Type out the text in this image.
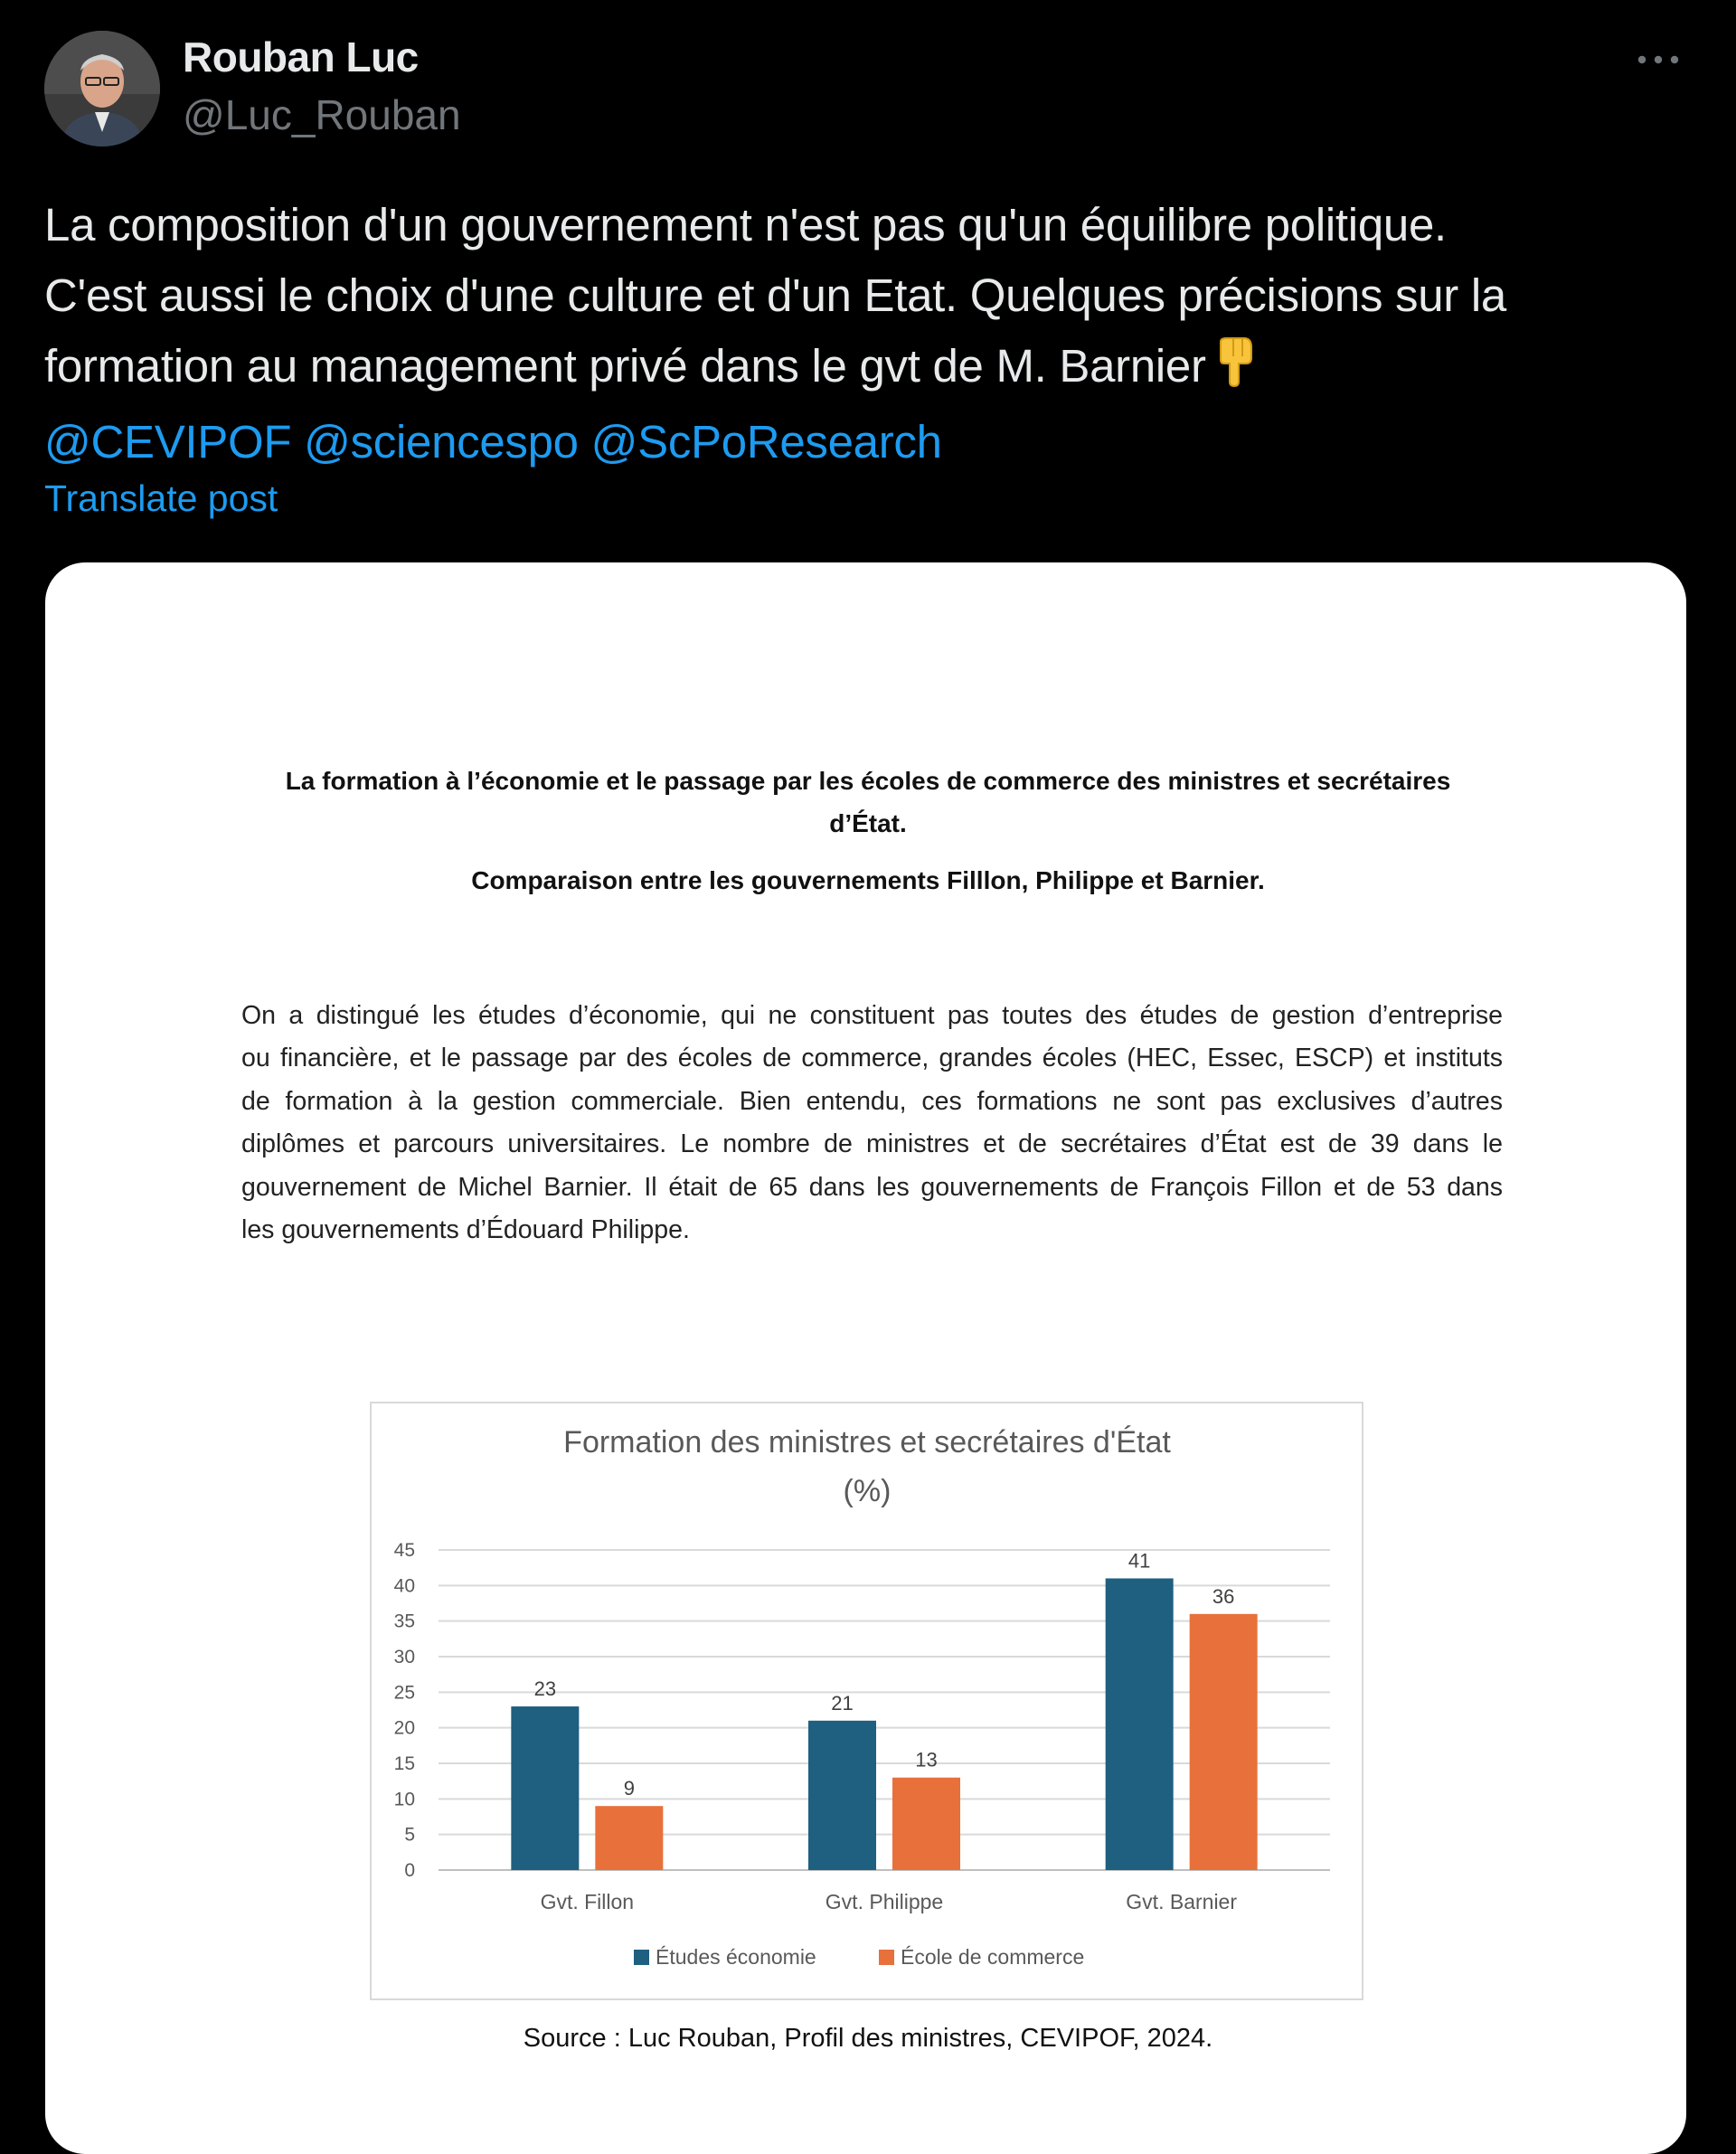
Rouban Luc
@Luc_Rouban
La composition d'un gouvernement n'est pas qu'un équilibre politique.
C'est aussi le choix d'une culture et d'un Etat. Quelques précisions sur la
formation au management privé dans le gvt de M. Barnier
@CEVIPOF @sciencespo @ScPoResearch
Translate post
La formation à l’économie et le passage par les écoles de commerce des ministres et secrétaires
d’État.
Comparaison entre les gouvernements Filllon, Philippe et Barnier.
On a distingué les études d’économie, qui ne constituent pas toutes des études de gestion d’entreprise
ou financière, et le passage par des écoles de commerce, grandes écoles (HEC, Essec, ESCP) et instituts
de formation à la gestion commerciale. Bien entendu, ces formations ne sont pas exclusives d’autres
diplômes et parcours universitaires. Le nombre de ministres et de secrétaires d’État est de 39 dans le
gouvernement de Michel Barnier. Il était de 65 dans les gouvernements de François Fillon et de 53 dans
les gouvernements d’Édouard Philippe.
Formation des ministres et secrétaires d'État
(%)
0
5
10
15
20
25
30
35
40
45
23
9
Gvt. Fillon
21
13
Gvt. Philippe
41
36
Gvt. Barnier
Études économie	École de commerce
Source : Luc Rouban, Profil des ministres, CEVIPOF, 2024.
